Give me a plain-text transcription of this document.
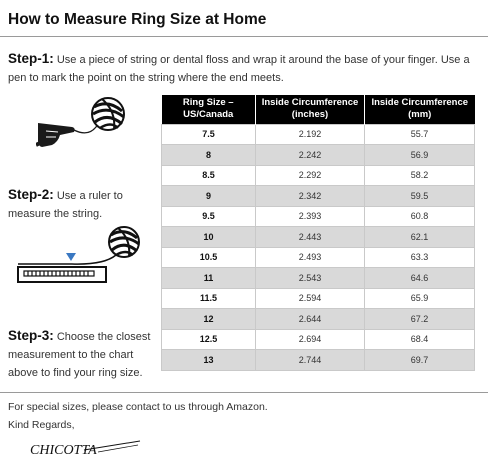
How to Measure Ring Size at Home
Step-1: Use a piece of string or dental floss and wrap it around the base of your finger. Use a pen to mark the point on the string where the end meets.
Step-2: Use a ruler to measure the string.
Step-3: Choose the closest measurement to the chart above to find your ring size.
Ring Size – US/Canada	Inside Circumference (inches)	Inside Circumference (mm)
7.5	2.192	55.7
8	2.242	56.9
8.5	2.292	58.2
9	2.342	59.5
9.5	2.393	60.8
10	2.443	62.1
10.5	2.493	63.3
11	2.543	64.6
11.5	2.594	65.9
12	2.644	67.2
12.5	2.694	68.4
13	2.744	69.7
For special sizes, please contact to us through Amazon.
Kind Regards,
CHICOTTA
